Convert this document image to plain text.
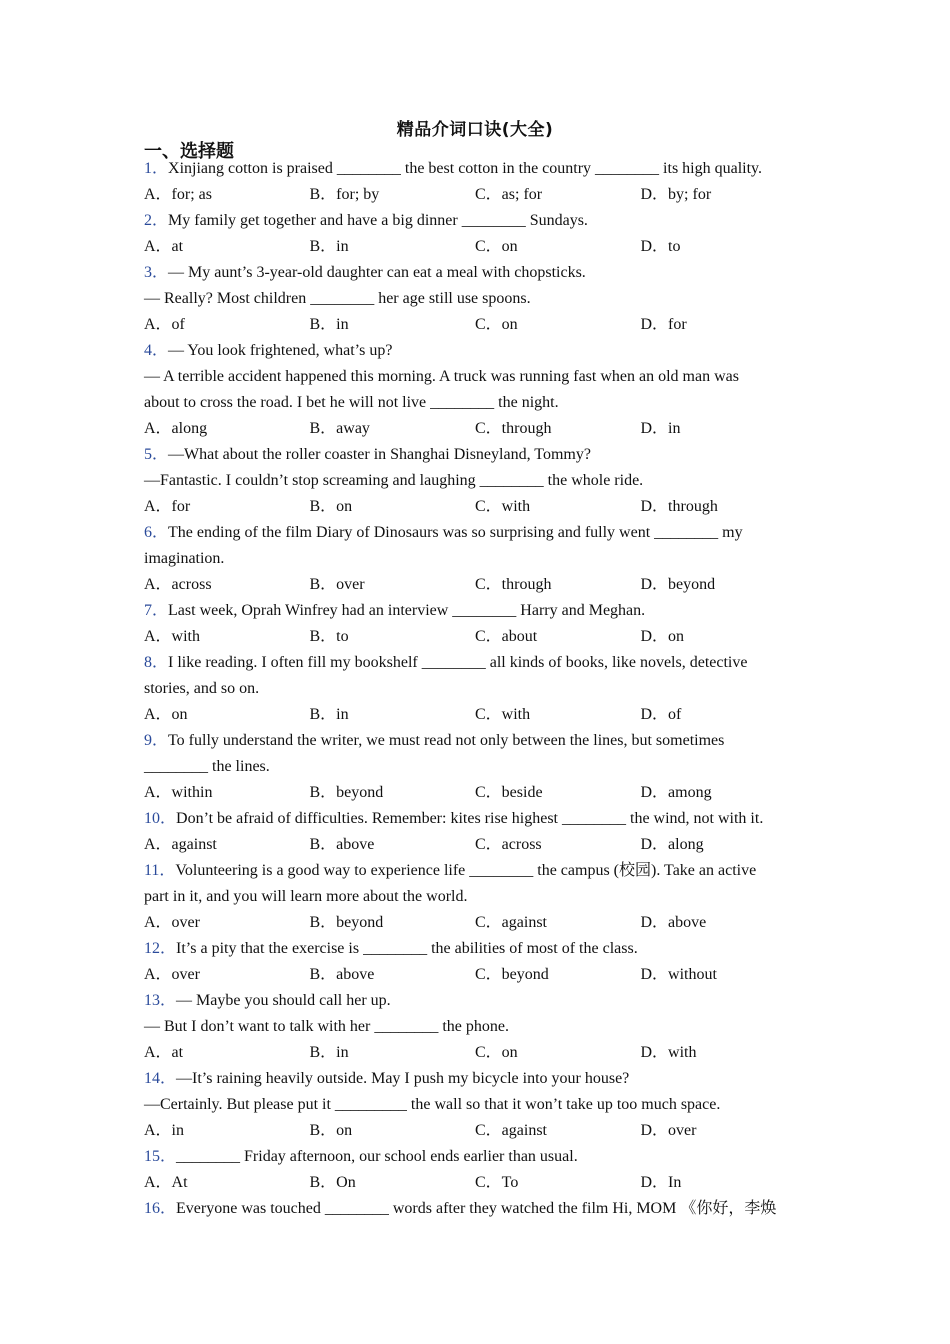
精品介词口诀(大全)
一、选择题
1．Xinjiang cotton is praised ________ the best cotton in the country ________ its high quality.
A．for; as	B．for; by	C．as; for	D．by; for
2．My family get together and have a big dinner ________ Sundays.
A．at	B．in	C．on	D．to
3．— My aunt’s 3-year-old daughter can eat a meal with chopsticks.
— Really? Most children ________ her age still use spoons.
A．of	B．in	C．on	D．for
4．— You look frightened, what’s up?
— A terrible accident happened this morning. A truck was running fast when an old man was
about to cross the road. I bet he will not live ________ the night.
A．along	B．away	C．through	D．in
5．—What about the roller coaster in Shanghai Disneyland, Tommy?
—Fantastic. I couldn’t stop screaming and laughing ________ the whole ride.
A．for	B．on	C．with	D．through
6．The ending of the film Diary of Dinosaurs was so surprising and fully went ________ my
imagination.
A．across	B．over	C．through	D．beyond
7．Last week, Oprah Winfrey had an interview ________ Harry and Meghan.
A．with	B．to	C．about	D．on
8．I like reading. I often fill my bookshelf ________ all kinds of books, like novels, detective
stories, and so on.
A．on	B．in	C．with	D．of
9．To fully understand the writer, we must read not only between the lines, but sometimes
________ the lines.
A．within	B．beyond	C．beside	D．among
10．Don’t be afraid of difficulties. Remember: kites rise highest ________ the wind, not with it.
A．against	B．above	C．across	D．along
11．Volunteering is a good way to experience life ________ the campus (校园). Take an active
part in it, and you will learn more about the world.
A．over	B．beyond	C．against	D．above
12．It’s a pity that the exercise is ________ the abilities of most of the class.
A．over	B．above	C．beyond	D．without
13．— Maybe you should call her up.
— But I don’t want to talk with her ________ the phone.
A．at	B．in	C．on	D．with
14．—It’s raining heavily outside. May I push my bicycle into your house?
—Certainly. But please put it _________ the wall so that it won’t take up too much space.
A．in	B．on	C．against	D．over
15．________ Friday afternoon, our school ends earlier than usual.
A．At	B．On	C．To	D．In
16．Everyone was touched ________ words after they watched the film Hi, MOM 《你好，李焕
